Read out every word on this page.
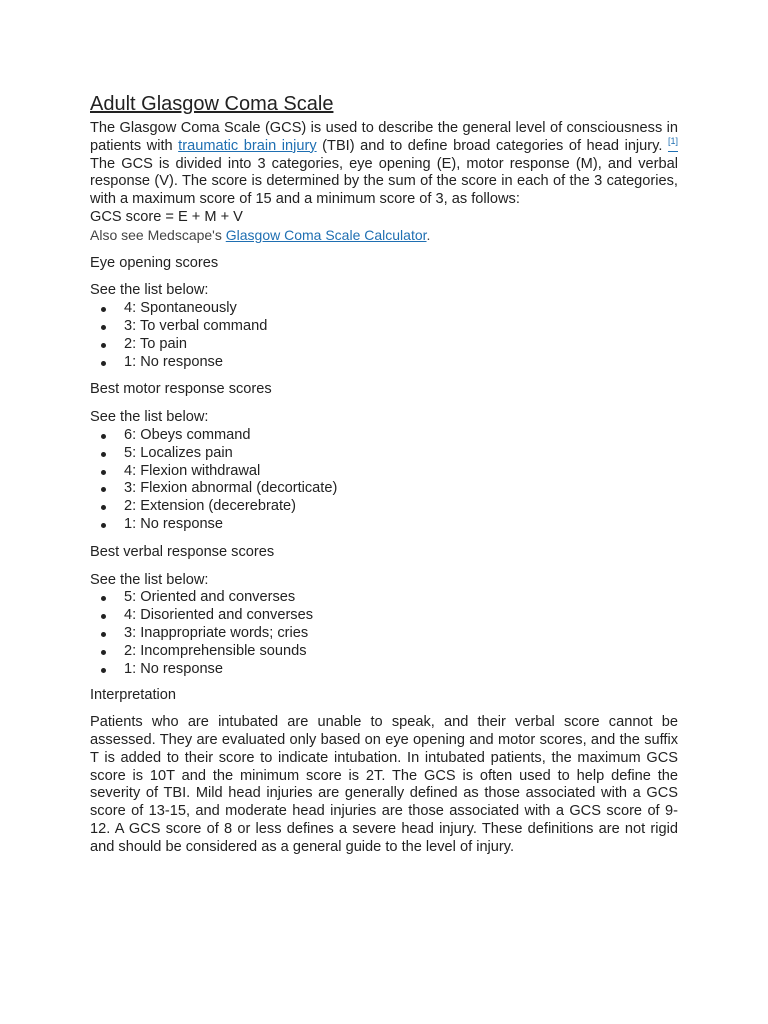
Adult Glasgow Coma Scale

The Glasgow Coma Scale (GCS) is used to describe the general level of consciousness in patients with traumatic brain injury (TBI) and to define broad categories of head injury. [1] The GCS is divided into 3 categories, eye opening (E), motor response (M), and verbal response (V). The score is determined by the sum of the score in each of the 3 categories, with a maximum score of 15 and a minimum score of 3, as follows:

GCS score = E + M + V

Also see Medscape's Glasgow Coma Scale Calculator.

Eye opening scores

See the list below:

4: Spontaneously
3: To verbal command
2: To pain
1: No response

Best motor response scores

See the list below:

6: Obeys command
5: Localizes pain
4: Flexion withdrawal
3: Flexion abnormal (decorticate)
2: Extension (decerebrate)
1: No response

Best verbal response scores

See the list below:

5: Oriented and converses
4: Disoriented and converses
3: Inappropriate words; cries
2: Incomprehensible sounds
1: No response

Interpretation

Patients who are intubated are unable to speak, and their verbal score cannot be assessed. They are evaluated only based on eye opening and motor scores, and the suffix T is added to their score to indicate intubation. In intubated patients, the maximum GCS score is 10T and the minimum score is 2T. The GCS is often used to help define the severity of TBI. Mild head injuries are generally defined as those associated with a GCS score of 13-15, and moderate head injuries are those associated with a GCS score of 9-12. A GCS score of 8 or less defines a severe head injury. These definitions are not rigid and should be considered as a general guide to the level of injury.
